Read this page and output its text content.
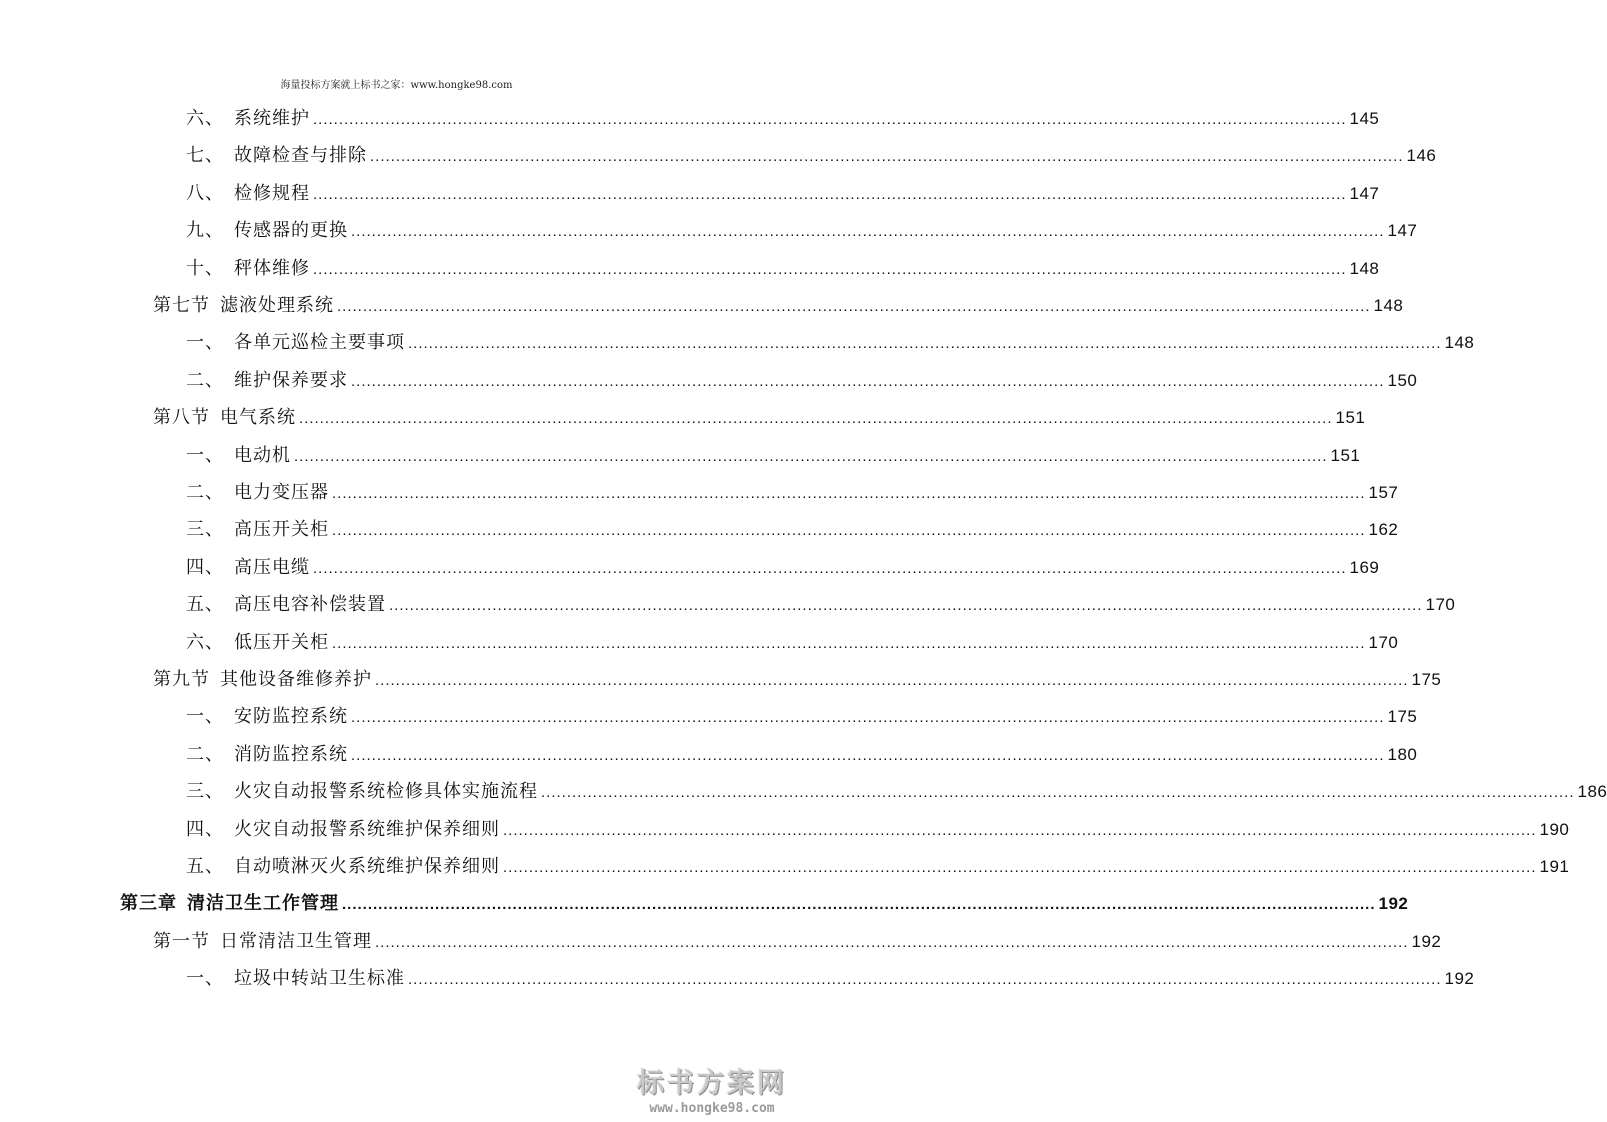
海量投标方案就上标书之家：www.hongke98.com
六、 系统维护 ........................................................................................................................................................................................................ 145
七、 故障检查与排除 ........................................................................................................................................................................................................ 146
八、 检修规程 ........................................................................................................................................................................................................ 147
九、 传感器的更换 ........................................................................................................................................................................................................ 147
十、 秤体维修 ........................................................................................................................................................................................................ 148
第七节 滤液处理系统 ........................................................................................................................................................................................................ 148
一、 各单元巡检主要事项 ........................................................................................................................................................................................................ 148
二、 维护保养要求 ........................................................................................................................................................................................................ 150
第八节 电气系统 ........................................................................................................................................................................................................ 151
一、 电动机 ........................................................................................................................................................................................................ 151
二、 电力变压器 ........................................................................................................................................................................................................ 157
三、 高压开关柜 ........................................................................................................................................................................................................ 162
四、 高压电缆 ........................................................................................................................................................................................................ 169
五、 高压电容补偿装置 ........................................................................................................................................................................................................ 170
六、 低压开关柜 ........................................................................................................................................................................................................ 170
第九节 其他设备维修养护 ........................................................................................................................................................................................................ 175
一、 安防监控系统 ........................................................................................................................................................................................................ 175
二、 消防监控系统 ........................................................................................................................................................................................................ 180
三、 火灾自动报警系统检修具体实施流程 ........................................................................................................................................................................................................ 186
四、 火灾自动报警系统维护保养细则 ........................................................................................................................................................................................................ 190
五、 自动喷淋灭火系统维护保养细则 ........................................................................................................................................................................................................ 191
第三章 清洁卫生工作管理 ........................................................................................................................................................................................................ 192
第一节 日常清洁卫生管理 ........................................................................................................................................................................................................ 192
一、 垃圾中转站卫生标准 ........................................................................................................................................................................................................ 192
标书方案网
www.hongke98.com
